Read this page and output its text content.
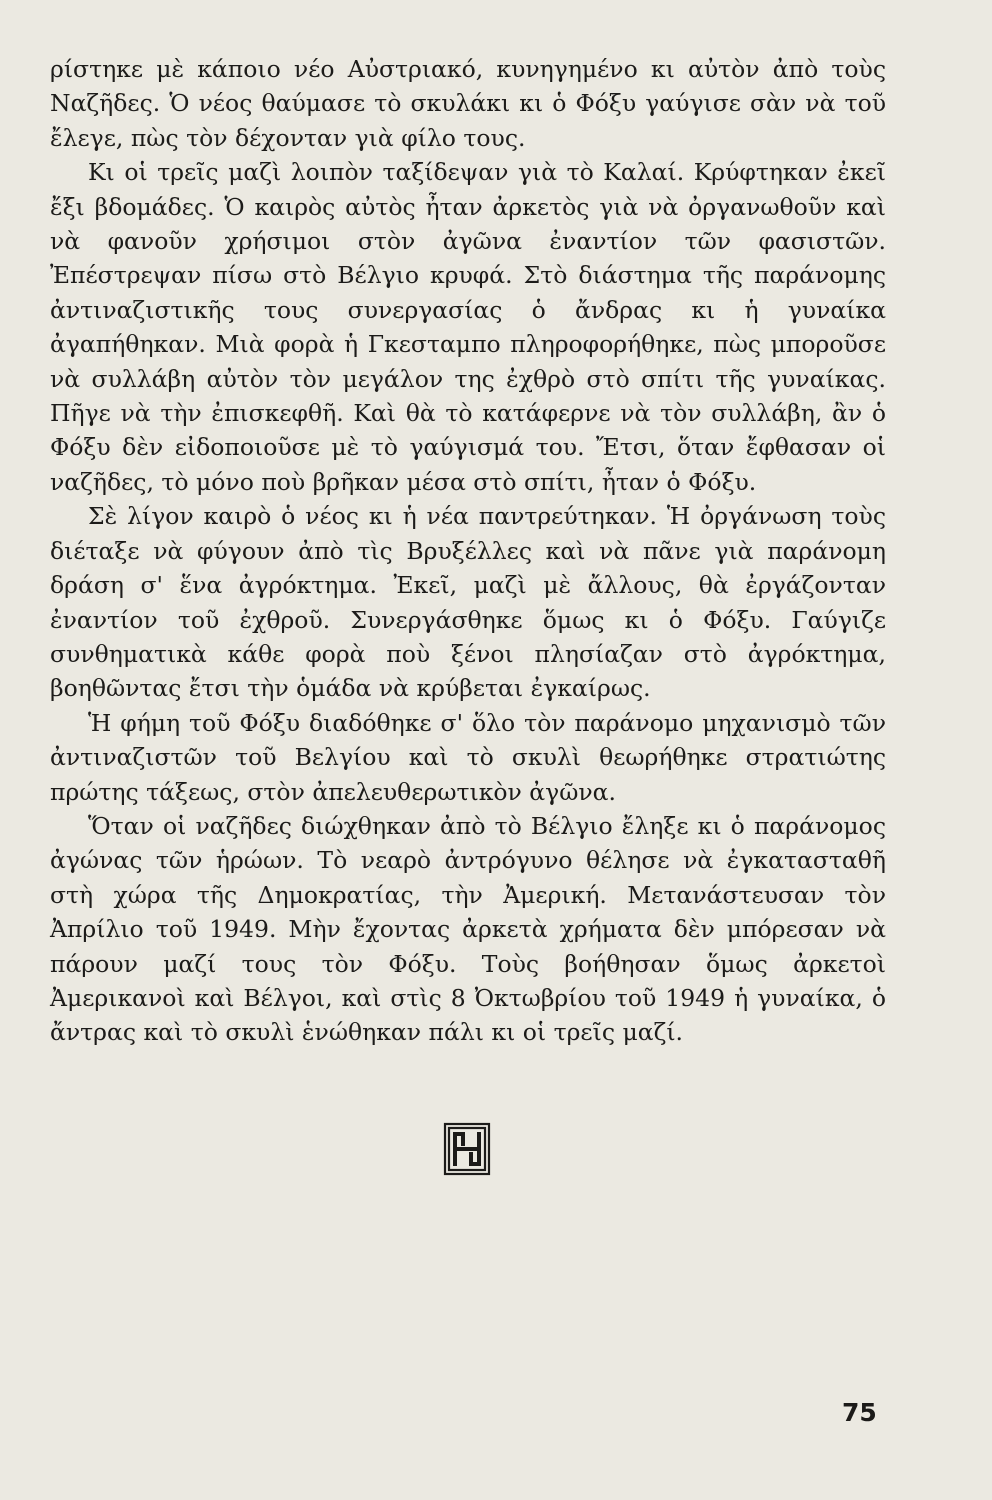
ρίστηκε μὲ κάποιο νέο Αὐστριακό, κυνηγημένο κι αὐτὸν ἀπὸ τοὺς Ναζῆδες. Ὁ νέος θαύμασε τὸ σκυλάκι κι ὁ Φόξυ γαύγισε σὰν νὰ τοῦ ἔλεγε, πὼς τὸν δέχονταν γιὰ φίλο τους.

Κι οἱ τρεῖς μαζὶ λοιπὸν ταξίδεψαν γιὰ τὸ Καλαί. Κρύφτηκαν ἐκεῖ ἔξι βδομάδες. Ὁ καιρὸς αὐτὸς ἦταν ἀρκετὸς γιὰ νὰ ὀργανωθοῦν καὶ νὰ φανοῦν χρήσιμοι στὸν ἀγῶνα ἐναντίον τῶν φασιστῶν. Ἐπέστρεψαν πίσω στὸ Βέλγιο κρυφά. Στὸ διάστημα τῆς παράνομης ἀντιναζιστικῆς τους συνεργασίας ὁ ἄνδρας κι ἡ γυναίκα ἀγαπήθηκαν. Μιὰ φορὰ ἡ Γκεσταμπο πληροφορήθηκε, πὼς μποροῦσε νὰ συλλάβη αὐτὸν τὸν μεγάλον της ἐχθρὸ στὸ σπίτι τῆς γυναίκας. Πῆγε νὰ τὴν ἐπισκεφθῆ. Καὶ θὰ τὸ κατάφερνε νὰ τὸν συλλάβη, ἂν ὁ Φόξυ δὲν εἰδοποιοῦσε μὲ τὸ γαύγισμά του. Ἔτσι, ὅταν ἔφθασαν οἱ ναζῆδες, τὸ μόνο ποὺ βρῆκαν μέσα στὸ σπίτι, ἦταν ὁ Φόξυ.

Σὲ λίγον καιρὸ ὁ νέος κι ἡ νέα παντρεύτηκαν. Ἡ ὀργάνωση τοὺς διέταξε νὰ φύγουν ἀπὸ τὶς Βρυξέλλες καὶ νὰ πᾶνε γιὰ παράνομη δράση σ' ἕνα ἀγρόκτημα. Ἐκεῖ, μαζὶ μὲ ἄλλους, θὰ ἐργάζονταν ἐναντίον τοῦ ἐχθροῦ. Συνεργάσθηκε ὅμως κι ὁ Φόξυ. Γαύγιζε συνθηματικὰ κάθε φορὰ ποὺ ξένοι πλησίαζαν στὸ ἀγρόκτημα, βοηθῶντας ἔτσι τὴν ὁμάδα νὰ κρύβεται ἐγκαίρως.

Ἡ φήμη τοῦ Φόξυ διαδόθηκε σ' ὅλο τὸν παράνομο μηχανισμὸ τῶν ἀντιναζιστῶν τοῦ Βελγίου καὶ τὸ σκυλὶ θεωρήθηκε στρατιώτης πρώτης τάξεως, στὸν ἀπελευθερωτικὸν ἀγῶνα.

Ὅταν οἱ ναζῆδες διώχθηκαν ἀπὸ τὸ Βέλγιο ἔληξε κι ὁ παράνομος ἀγώνας τῶν ἡρώων. Τὸ νεαρὸ ἀντρόγυνο θέλησε νὰ ἐγκατασταθῆ στὴ χώρα τῆς Δημοκρατίας, τὴν Ἀμερική. Μετανάστευσαν τὸν Ἀπρίλιο τοῦ 1949. Μὴν ἔχοντας ἀρκετὰ χρήματα δὲν μπόρεσαν νὰ πάρουν μαζί τους τὸν Φόξυ. Τοὺς βοήθησαν ὅμως ἀρκετοὶ Ἀμερικανοὶ καὶ Βέλγοι, καὶ στὶς 8 Ὀκτωβρίου τοῦ 1949 ἡ γυναίκα, ὁ ἄντρας καὶ τὸ σκυλὶ ἑνώθηκαν πάλι κι οἱ τρεῖς μαζί.

75
